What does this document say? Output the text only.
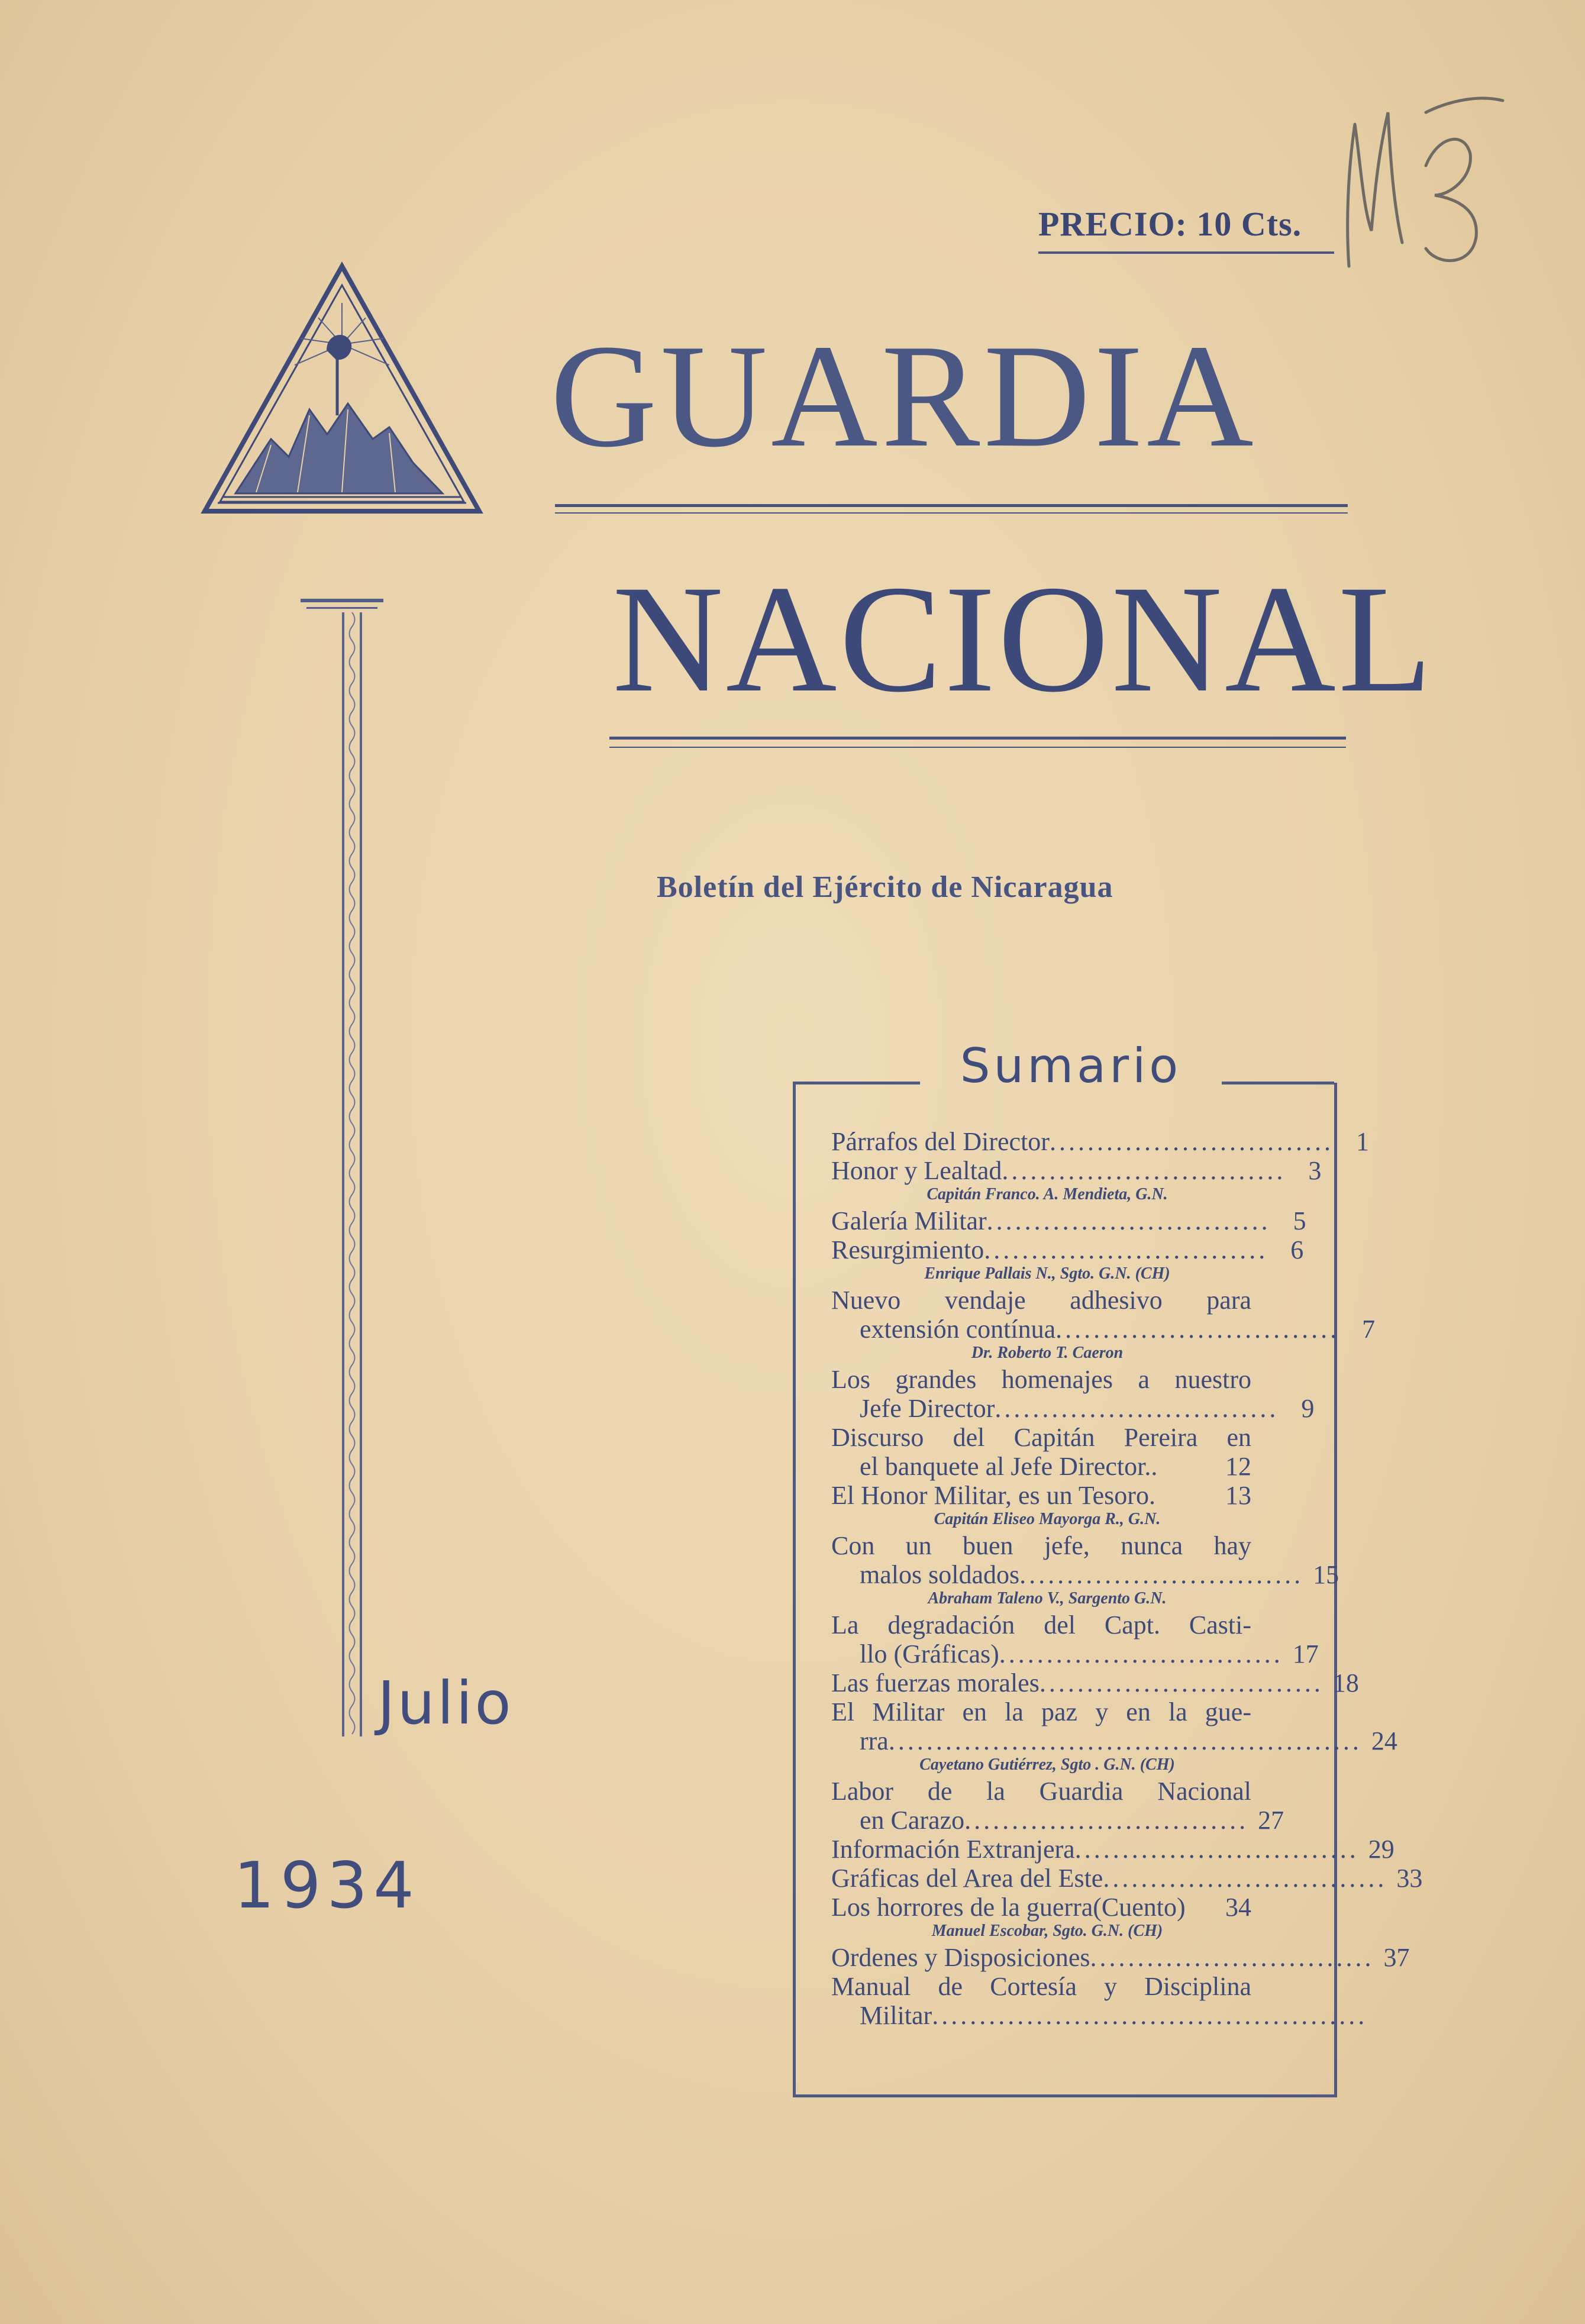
PRECIO: 10 Cts.
GUARDIA
NACIONAL
Boletín del Ejército de Nicaragua
Julio
1934
Sumario
Párrafos del Director .............................. 1
Honor y Lealtad .............................. 3
Capitán Franco. A. Mendieta, G.N.
Galería Militar .............................. 5
Resurgimiento .............................. 6
Enrique Pallais N., Sgto. G.N. (CH)
Nuevo vendaje adhesivo para
extensión contínua .............................. 7
Dr. Roberto T. Caeron
Los grandes homenajes a nuestro
Jefe Director .............................. 9
Discurso del Capitán Pereira en
el banquete al Jefe Director..	12
El Honor Militar, es un Tesoro.	13
Capitán Eliseo Mayorga R., G.N.
Con un buen jefe, nunca hay
malos soldados .............................. 15
Abraham Taleno V., Sargento G.N.
La degradación del Capt. Casti-
llo (Gráficas) .............................. 17
Las fuerzas morales .............................. 18
El Militar en la paz y en la gue-
rra .................................................. 24
Cayetano Gutiérrez, Sgto . G.N. (CH)
Labor de la Guardia Nacional
en Carazo .............................. 27
Información Extranjera .............................. 29
Gráficas del Area del Este .............................. 33
Los horrores de la guerra(Cuento)	34
Manuel Escobar, Sgto. G.N. (CH)
Ordenes y Disposiciones .............................. 37
Manual de Cortesía y Disciplina
Militar ..............................................
